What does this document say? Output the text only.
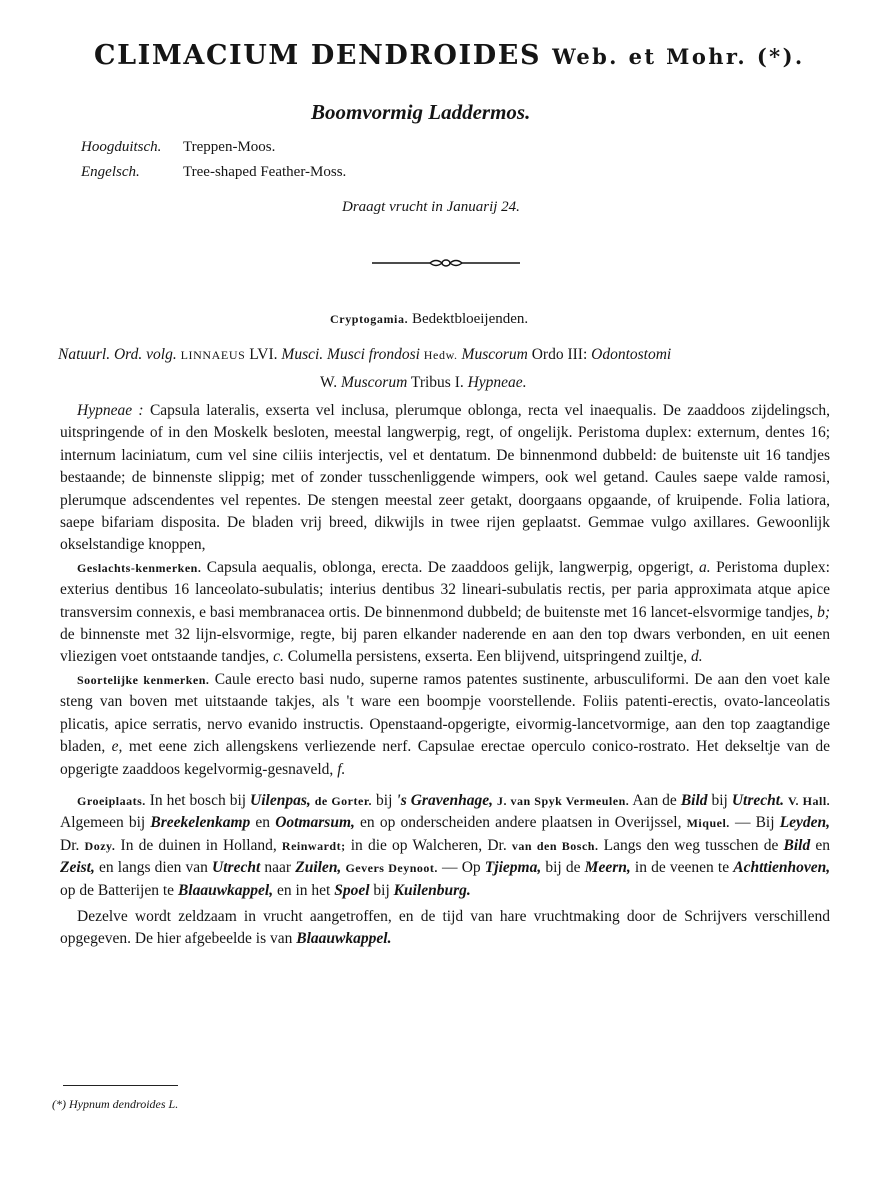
CLIMACIUM DENDROIDES Web. et Mohr. (*).
Boomvormig Laddermos.
Hoogduitsch. Treppen-Moos.
Engelsch.	Tree-shaped Feather-Moss.
Draagt vrucht in Januarij 24.
Cryptogamia. Bedektbloeijenden.
Natuurl. Ord. volg. LINNAEUS LVI. Musci. Musci frondosi Hedw. Muscorum Ordo III: Odontostomi
W. Muscorum Tribus I. Hypneae.

Hypneae : Capsula lateralis, exserta vel inclusa, plerumque oblonga, recta vel inaequalis. De zaaddoos zijdelingsch, uitspringende of in den Moskelk besloten, meestal langwerpig, regt, of ongelijk. Peristoma duplex: externum, dentes 16; internum laciniatum, cum vel sine ciliis interjectis, vel et dentatum. De binnenmond dubbeld: de buitenste uit 16 tandjes bestaande; de binnenste slippig; met of zonder tusschenliggende wimpers, ook wel getand. Caules saepe valde ramosi, plerumque adscendentes vel repentes. De stengen meestal zeer getakt, doorgaans opgaande, of kruipende. Folia latiora, saepe bifariam disposita. De bladen vrij breed, dikwijls in twee rijen geplaatst. Gemmae vulgo axillares. Gewoonlijk okselstandige knoppen,

Geslachts-kenmerken. Capsula aequalis, oblonga, erecta. De zaaddoos gelijk, langwerpig, opgerigt, a. Peristoma duplex: exterius dentibus 16 lanceolato-subulatis; interius dentibus 32 lineari-subulatis rectis, per paria approximata atque apice transversim connexis, e basi membranacea ortis. De binnenmond dubbeld; de buitenste met 16 lancet-elsvormige tandjes, b; de binnenste met 32 lijn-elsvormige, regte, bij paren elkander naderende en aan den top dwars verbonden, en uit eenen vliezigen voet ontstaande tandjes, c. Columella persistens, exserta. Een blijvend, uitspringend zuiltje, d.

Soortelijke kenmerken. Caule erecto basi nudo, superne ramos patentes sustinente, arbusculiformi. De aan den voet kale steng van boven met uitstaande takjes, als 't ware een boompje voorstellende. Foliis patenti-erectis, ovato-lanceolatis plicatis, apice serratis, nervo evanido instructis. Openstaand-opgerigte, eivormig-lancetvormige, aan den top zaagtandige bladen, e, met eene zich allengskens verliezende nerf. Capsulae erectae operculo conico-rostrato. Het dekseltje van de opgerigte zaaddoos kegelvormig-gesnaveld, f.

Groeiplaats. In het bosch bij Uilenpas, de Gorter. bij 's Gravenhage, J. van Spyk Vermeulen. Aan de Bild bij Utrecht. V. Hall. Algemeen bij Breekelenkamp en Ootmarsum, en op onderscheiden andere plaatsen in Overijssel, Miquel. — Bij Leyden, Dr. Dozy. In de duinen in Holland, Reinwardt; in die op Walcheren, Dr. van den Bosch. Langs den weg tusschen de Bild en Zeist, en langs dien van Utrecht naar Zuilen, Gevers Deynoot. — Op Tjiepma, bij de Meern, in de veenen te Achttienhoven, op de Batterijen te Blaauwkappel, en in het Spoel bij Kuilenburg.

Dezelve wordt zeldzaam in vrucht aangetroffen, en de tijd van hare vruchtmaking door de Schrijvers verschillend opgegeven. De hier afgebeelde is van Blaauwkappel.

(*) Hypnum dendroides L.
